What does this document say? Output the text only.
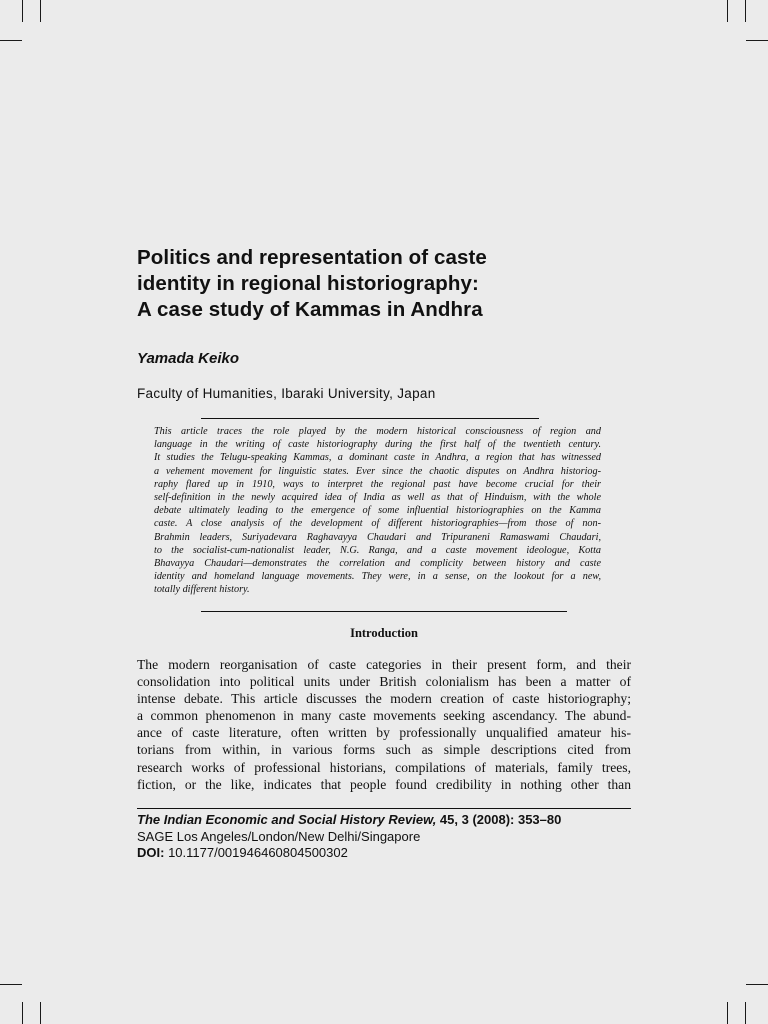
Politics and representation of caste
identity in regional historiography:
A case study of Kammas in Andhra

Yamada Keiko

Faculty of Humanities, Ibaraki University, Japan

This article traces the role played by the modern historical consciousness of region and
language in the writing of caste historiography during the first half of the twentieth century.
It studies the Telugu-speaking Kammas, a dominant caste in Andhra, a region that has witnessed
a vehement movement for linguistic states. Ever since the chaotic disputes on Andhra historiog-
raphy flared up in 1910, ways to interpret the regional past have become crucial for their
self-definition in the newly acquired idea of India as well as that of Hinduism, with the whole
debate ultimately leading to the emergence of some influential historiographies on the Kamma
caste. A close analysis of the development of different historiographies—from those of non-
Brahmin leaders, Suriyadevara Raghavayya Chaudari and Tripuraneni Ramaswami Chaudari,
to the socialist-cum-nationalist leader, N.G. Ranga, and a caste movement ideologue, Kotta
Bhavayya Chaudari—demonstrates the correlation and complicity between history and caste
identity and homeland language movements. They were, in a sense, on the lookout for a new,
totally different history.
Introduction
The modern reorganisation of caste categories in their present form, and their
consolidation into political units under British colonialism has been a matter of
intense debate. This article discusses the modern creation of caste historiography;
a common phenomenon in many caste movements seeking ascendancy. The abund-
ance of caste literature, often written by professionally unqualified amateur his-
torians from within, in various forms such as simple descriptions cited from
research works of professional historians, compilations of materials, family trees,
fiction, or the like, indicates that people found credibility in nothing other than
The Indian Economic and Social History Review, 45, 3 (2008): 353–80
SAGE Los Angeles/London/New Delhi/Singapore
DOI: 10.1177/001946460804500302
